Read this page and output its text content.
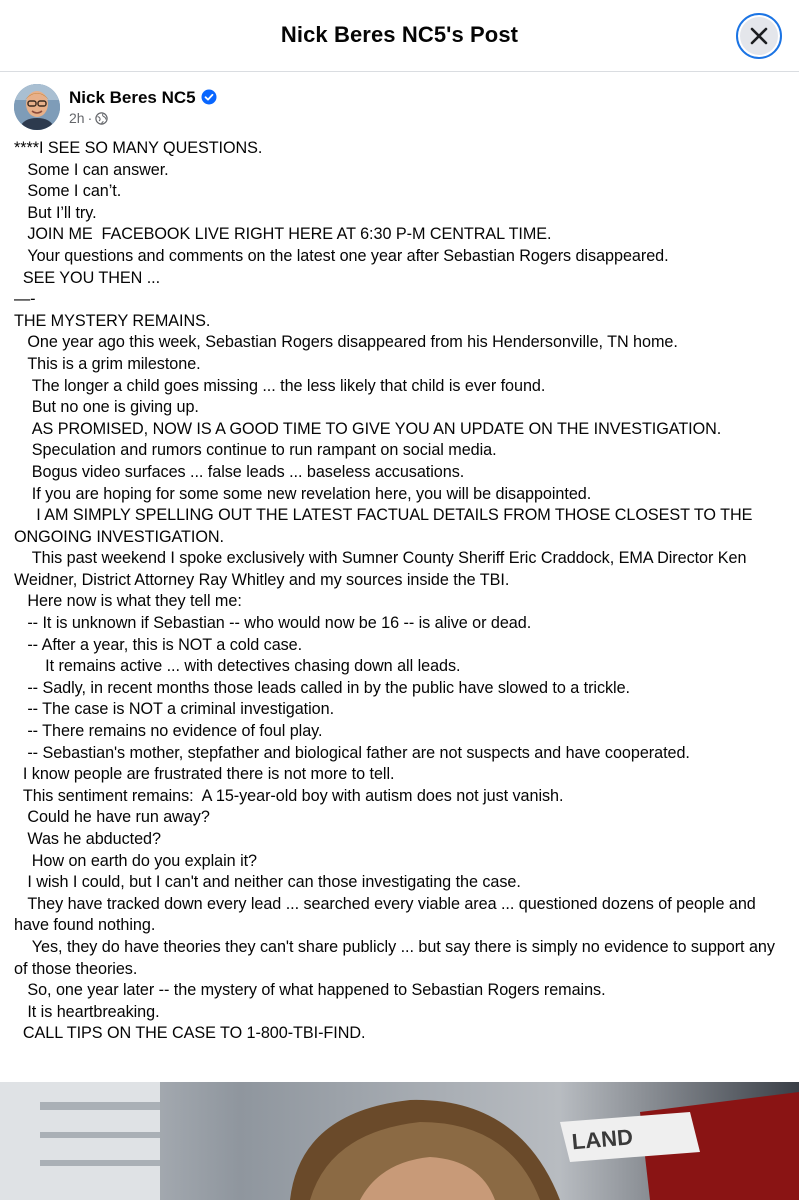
Nick Beres NC5's Post
Nick Beres NC5
2h ·

****I SEE SO MANY QUESTIONS.

Some I can answer.

Some I can’t.

But I’ll try.

JOIN ME  FACEBOOK LIVE RIGHT HERE AT 6:30 P-M CENTRAL TIME.

Your questions and comments on the latest one year after Sebastian Rogers disappeared.

SEE YOU THEN ...

—-

THE MYSTERY REMAINS.

One year ago this week, Sebastian Rogers disappeared from his Hendersonville, TN home.

This is a grim milestone.

The longer a child goes missing ... the less likely that child is ever found.

But no one is giving up.

AS PROMISED, NOW IS A GOOD TIME TO GIVE YOU AN UPDATE ON THE INVESTIGATION.

Speculation and rumors continue to run rampant on social media.

Bogus video surfaces ... false leads ... baseless accusations.

If you are hoping for some some new revelation here, you will be disappointed.

I AM SIMPLY SPELLING OUT THE LATEST FACTUAL DETAILS FROM THOSE CLOSEST TO THE ONGOING INVESTIGATION.

This past weekend I spoke exclusively with Sumner County Sheriff Eric Craddock, EMA Director Ken Weidner, District Attorney Ray Whitley and my sources inside the TBI.

Here now is what they tell me:

-- It is unknown if Sebastian -- who would now be 16 -- is alive or dead.

-- After a year, this is NOT a cold case.

It remains active ... with detectives chasing down all leads.

-- Sadly, in recent months those leads called in by the public have slowed to a trickle.

-- The case is NOT a criminal investigation.

-- There remains no evidence of foul play.

-- Sebastian's mother, stepfather and biological father are not suspects and have cooperated.

I know people are frustrated there is not more to tell.

This sentiment remains:  A 15-year-old boy with autism does not just vanish.

Could he have run away?

Was he abducted?

How on earth do you explain it?

I wish I could, but I can't and neither can those investigating the case.

They have tracked down every lead ... searched every viable area ... questioned dozens of people and have found nothing.

Yes, they do have theories they can't share publicly ... but say there is simply no evidence to support any of those theories.

So, one year later -- the mystery of what happened to Sebastian Rogers remains.

It is heartbreaking.

CALL TIPS ON THE CASE TO 1-800-TBI-FIND.

LAND
